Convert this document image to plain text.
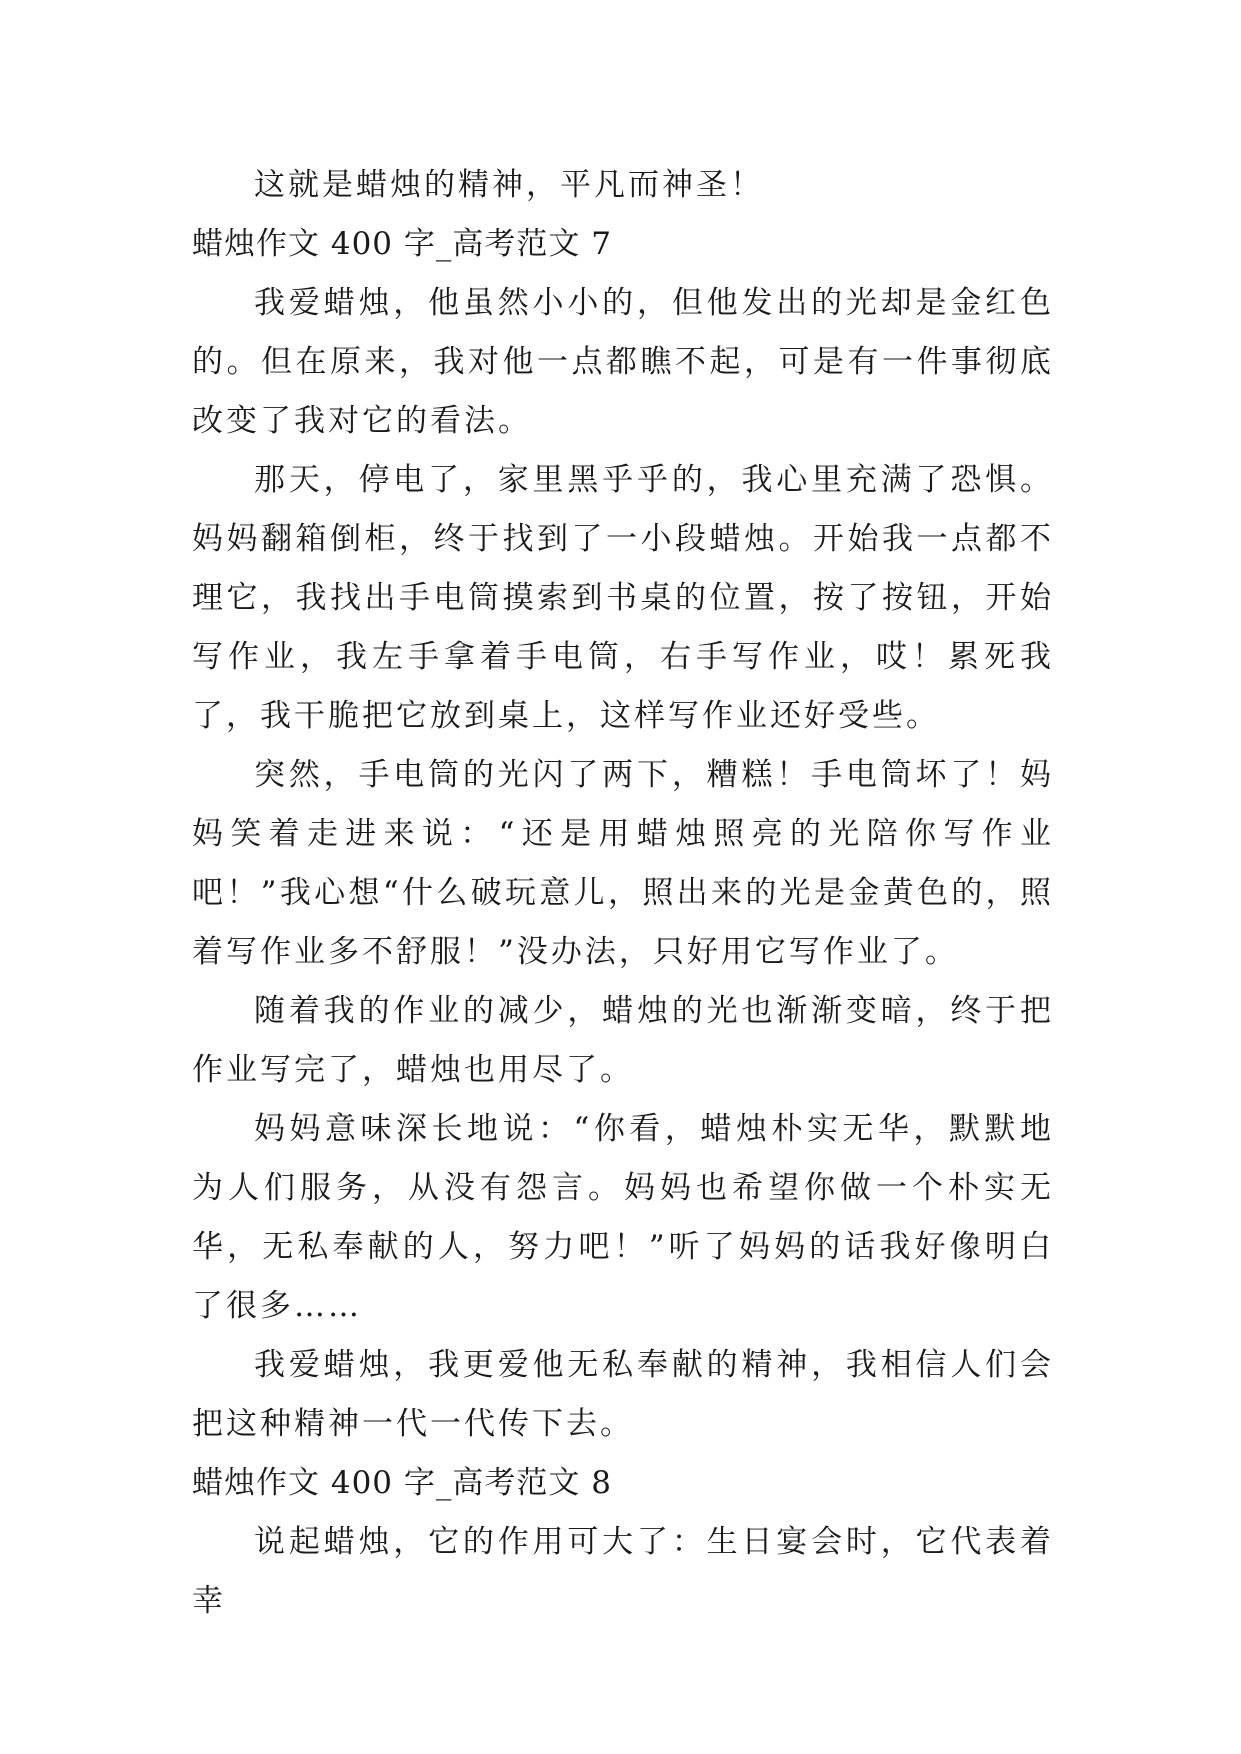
这就是蜡烛的精神，平凡而神圣！

蜡烛作文 400 字_高考范文 7

我爱蜡烛，他虽然小小的，但他发出的光却是金红色的。但在原来，我对他一点都瞧不起，可是有一件事彻底改变了我对它的看法。

那天，停电了，家里黑乎乎的，我心里充满了恐惧。妈妈翻箱倒柜，终于找到了一小段蜡烛。开始我一点都不理它，我找出手电筒摸索到书桌的位置，按了按钮，开始写作业，我左手拿着手电筒，右手写作业，哎！累死我了，我干脆把它放到桌上，这样写作业还好受些。

突然，手电筒的光闪了两下，糟糕！手电筒坏了！妈妈笑着走进来说：“还是用蜡烛照亮的光陪你写作业吧！”我心想“什么破玩意儿，照出来的光是金黄色的，照着写作业多不舒服！”没办法，只好用它写作业了。

随着我的作业的减少，蜡烛的光也渐渐变暗，终于把作业写完了，蜡烛也用尽了。

妈妈意味深长地说：“你看，蜡烛朴实无华，默默地为人们服务，从没有怨言。妈妈也希望你做一个朴实无华，无私奉献的人，努力吧！”听了妈妈的话我好像明白了很多……

我爱蜡烛，我更爱他无私奉献的精神，我相信人们会把这种精神一代一代传下去。

蜡烛作文 400 字_高考范文 8

说起蜡烛，它的作用可大了：生日宴会时，它代表着幸
